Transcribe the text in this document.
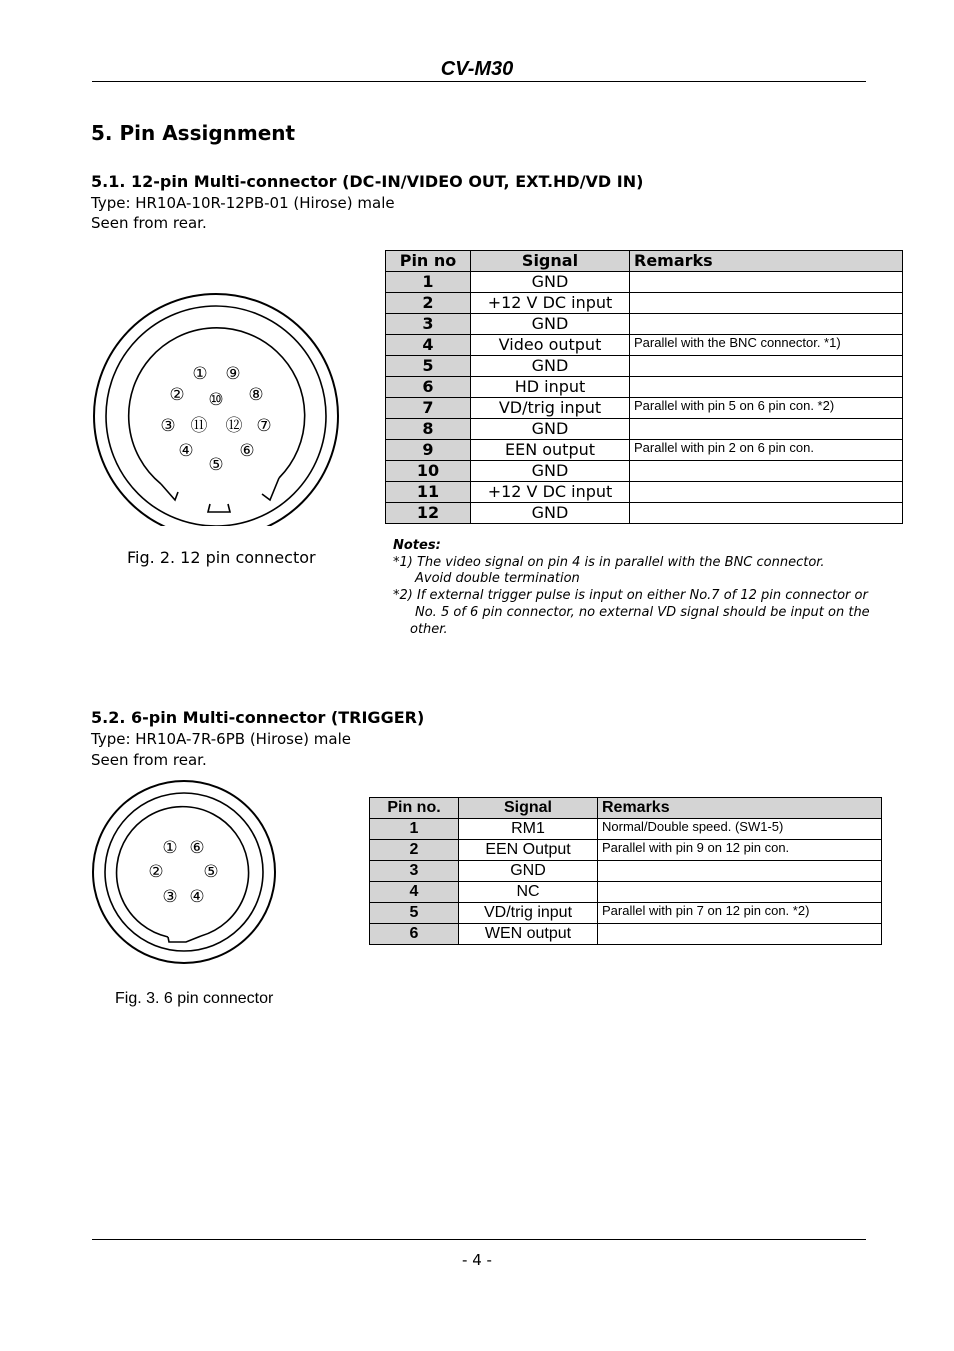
CV-M30
5. Pin Assignment
5.1. 12-pin Multi-connector (DC-IN/VIDEO OUT, EXT.HD/VD IN)
Type: HR10A-10R-12PB-01 (Hirose) male
Seen from rear.
①
②
③
④
⑤
⑥
⑦
⑧
⑨
⑩
⑪ ⑫
Fig. 2. 12 pin connector
Pin no	Signal	Remarks
1	GND	
2	+12 V DC input	
3	GND	
4	Video output	Parallel with the BNC connector. *1)
5	GND	
6	HD input	
7	VD/trig input	Parallel with pin 5 on 6 pin con. *2)
8	GND	
9	EEN output	Parallel with pin 2 on 6 pin con.
10	GND	
11	+12 V DC input	
12	GND	
Notes:
*1) The video signal on pin 4 is in parallel with the BNC connector.
Avoid double termination
*2) If external trigger pulse is input on either No.7 of 12 pin connector or
No. 5 of 6 pin connector, no external VD signal should be input on the
other.
5.2. 6-pin Multi-connector (TRIGGER)
Type: HR10A-7R-6PB (Hirose) male
Seen from rear.
①
②
③ ④
⑤
⑥
Fig. 3. 6 pin connector
Pin no.	Signal	Remarks
1	RM1	Normal/Double speed. (SW1-5)
2	EEN Output	Parallel with pin 9 on 12 pin con.
3	GND	
4	NC	
5	VD/trig input	Parallel with pin 7 on 12 pin con. *2)
6	WEN output	
- 4 -
